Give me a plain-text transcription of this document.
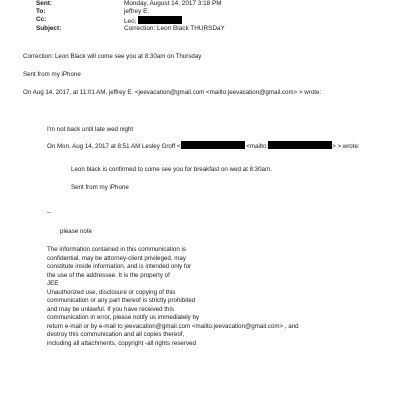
Sent:	Monday, August 14, 2017 3:18 PM
To:	jeffrey E.
Cc:	Leo;
Subject:	Correction: Leon Black THURSDaY
Correction: Leon Black will come see you at 8:30am on Thursday
Sent from my iPhone
On Aug 14, 2017, at 11:01 AM, jeffrey E. <jeevacation@gmail.com <mailto:jeevacation@gmail.com> > wrote:
I'm not back until late wed night
On Mon, Aug 14, 2017 at 8:51 AM Lesley Groff <	<mailto:	> > wrote:
Leon black is confirmed to come see you for breakfast on wed at 8:30am.
Sent from my iPhone
--
please note
The information contained in this communication is
confidential, may be attorney-client privileged, may
constitute inside information, and is intended only for
the use of the addressee. It is the property of
JEE
Unauthorized use, disclosure or copying of this
communication or any part thereof is strictly prohibited
and may be unlawful. If you have received this
communication in error, please notify us immediately by
return e-mail or by e-mail to jeevacation@gmail.com <mailto:jeevacation@gmail.com> , and
destroy this communication and all copies thereof,
including all attachments. copyright -all rights reserved
